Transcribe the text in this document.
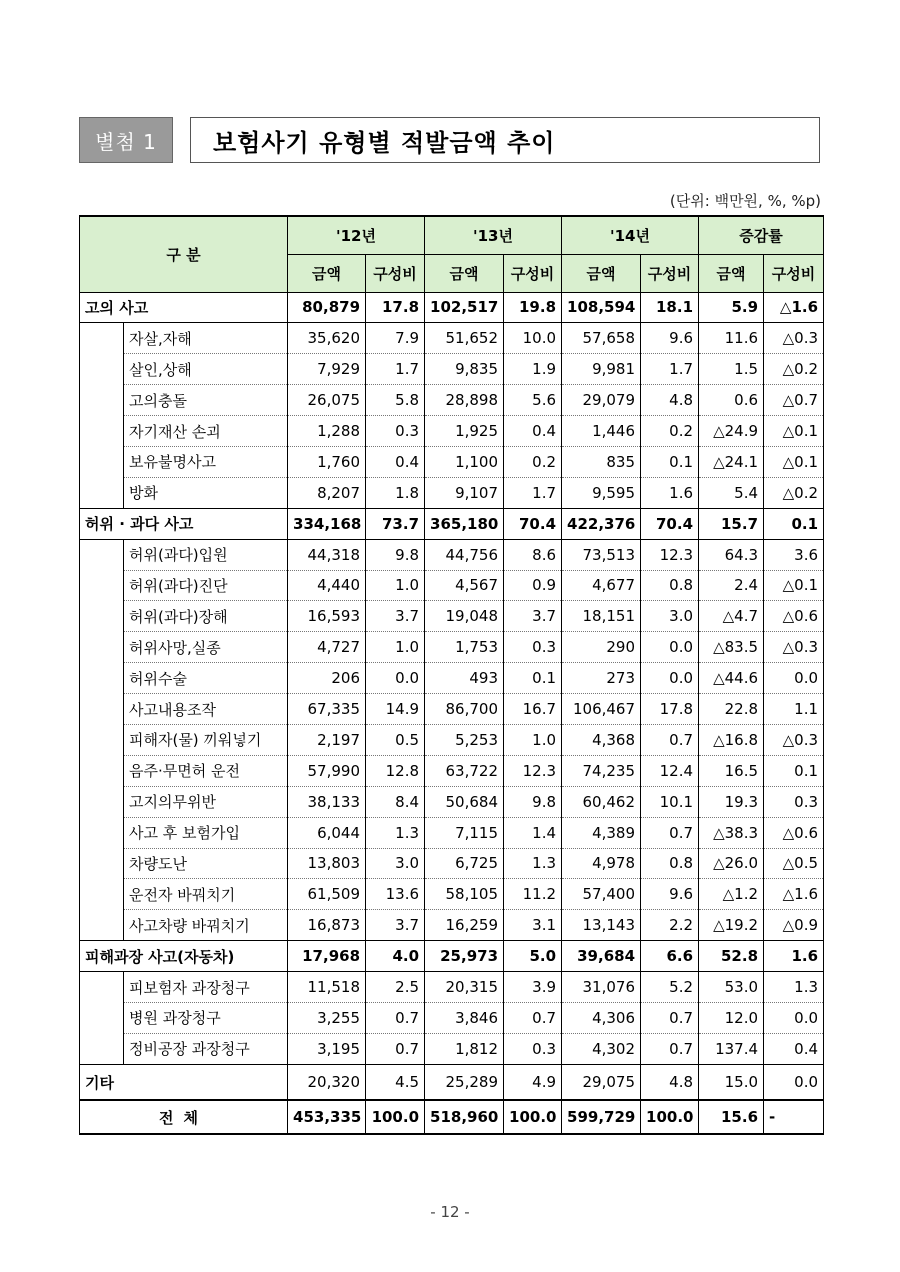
별첨 1	보험사기 유형별 적발금액 추이
(단위: 백만원, %, %p)
구 분		'12년		'13년		'14년		증감률	
		금액	구성비	금액	구성비	금액	구성비	금액	구성비
고의 사고		80,879	17.8	102,517	19.8	108,594	18.1	5.9	△1.6
	자살,자해	35,620	7.9	51,652	10.0	57,658	9.6	11.6	△0.3
	살인,상해	7,929	1.7	9,835	1.9	9,981	1.7	1.5	△0.2
	고의충돌	26,075	5.8	28,898	5.6	29,079	4.8	0.6	△0.7
	자기재산 손괴	1,288	0.3	1,925	0.4	1,446	0.2	△24.9	△0.1
	보유불명사고	1,760	0.4	1,100	0.2	835	0.1	△24.1	△0.1
	방화	8,207	1.8	9,107	1.7	9,595	1.6	5.4	△0.2
허위 · 과다 사고		334,168	73.7	365,180	70.4	422,376	70.4	15.7	0.1
	허위(과다)입원	44,318	9.8	44,756	8.6	73,513	12.3	64.3	3.6
	허위(과다)진단	4,440	1.0	4,567	0.9	4,677	0.8	2.4	△0.1
	허위(과다)장해	16,593	3.7	19,048	3.7	18,151	3.0	△4.7	△0.6
	허위사망,실종	4,727	1.0	1,753	0.3	290	0.0	△83.5	△0.3
	허위수술	206	0.0	493	0.1	273	0.0	△44.6	0.0
	사고내용조작	67,335	14.9	86,700	16.7	106,467	17.8	22.8	1.1
	피해자(물) 끼워넣기	2,197	0.5	5,253	1.0	4,368	0.7	△16.8	△0.3
	음주·무면허 운전	57,990	12.8	63,722	12.3	74,235	12.4	16.5	0.1
	고지의무위반	38,133	8.4	50,684	9.8	60,462	10.1	19.3	0.3
	사고 후 보험가입	6,044	1.3	7,115	1.4	4,389	0.7	△38.3	△0.6
	차량도난	13,803	3.0	6,725	1.3	4,978	0.8	△26.0	△0.5
	운전자 바꿔치기	61,509	13.6	58,105	11.2	57,400	9.6	△1.2	△1.6
	사고차량 바꿔치기	16,873	3.7	16,259	3.1	13,143	2.2	△19.2	△0.9
피해과장 사고(자동차)		17,968	4.0	25,973	5.0	39,684	6.6	52.8	1.6
	피보험자 과장청구	11,518	2.5	20,315	3.9	31,076	5.2	53.0	1.3
	병원 과장청구	3,255	0.7	3,846	0.7	4,306	0.7	12.0	0.0
	정비공장 과장청구	3,195	0.7	1,812	0.3	4,302	0.7	137.4	0.4
기타		20,320	4.5	25,289	4.9	29,075	4.8	15.0	0.0
전체		453,335	100.0	518,960	100.0	599,729	100.0	15.6	-
- 12 -
